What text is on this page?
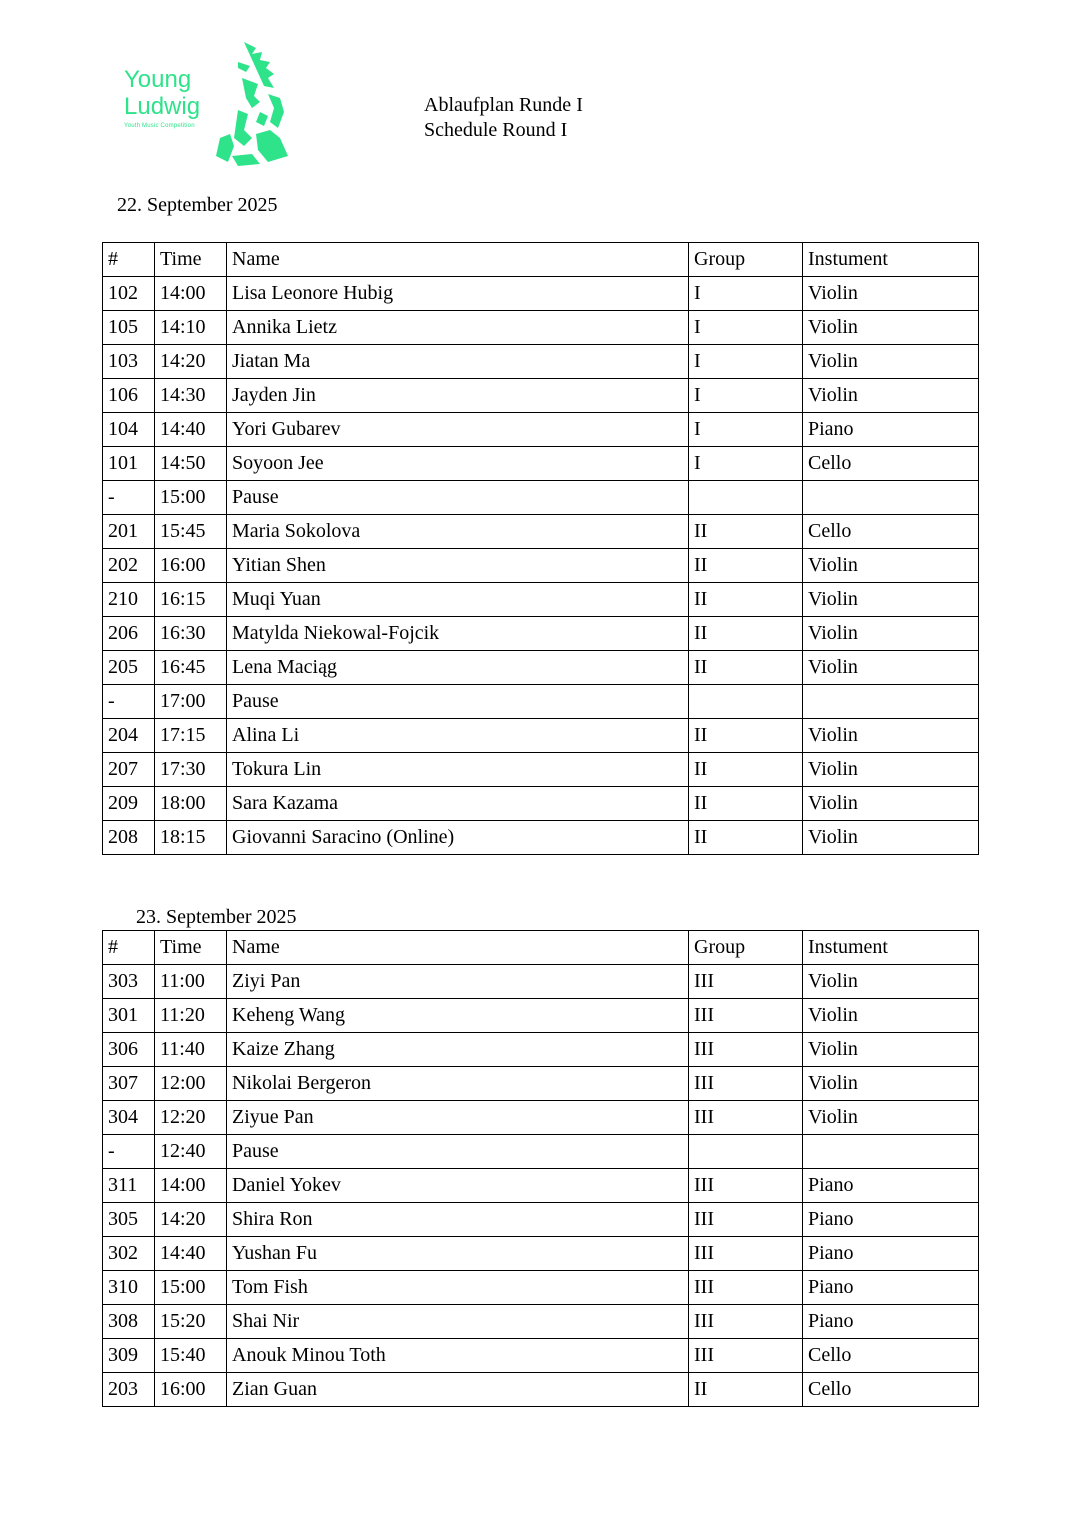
Young
Ludwig
Youth Music Competition
Ablaufplan Runde I
Schedule Round I
22. September 2025
#	Time	Name	Group	Instument
102	14:00	Lisa Leonore Hubig	I	Violin
105	14:10	Annika Lietz	I	Violin
103	14:20	Jiatan Ma	I	Violin
106	14:30	Jayden Jin	I	Violin
104	14:40	Yori Gubarev	I	Piano
101	14:50	Soyoon Jee	I	Cello
-	15:00	Pause		
201	15:45	Maria Sokolova	II	Cello
202	16:00	Yitian Shen	II	Violin
210	16:15	Muqi Yuan	II	Violin
206	16:30	Matylda Niekowal-Fojcik	II	Violin
205	16:45	Lena Maciąg	II	Violin
-	17:00	Pause		
204	17:15	Alina Li	II	Violin
207	17:30	Tokura Lin	II	Violin
209	18:00	Sara Kazama	II	Violin
208	18:15	Giovanni Saracino (Online)	II	Violin
23. September 2025
#	Time	Name	Group	Instument
303	11:00	Ziyi Pan	III	Violin
301	11:20	Keheng Wang	III	Violin
306	11:40	Kaize Zhang	III	Violin
307	12:00	Nikolai Bergeron	III	Violin
304	12:20	Ziyue Pan	III	Violin
-	12:40	Pause		
311	14:00	Daniel Yokev	III	Piano
305	14:20	Shira Ron	III	Piano
302	14:40	Yushan Fu	III	Piano
310	15:00	Tom Fish	III	Piano
308	15:20	Shai Nir	III	Piano
309	15:40	Anouk Minou Toth	III	Cello
203	16:00	Zian Guan	II	Cello
